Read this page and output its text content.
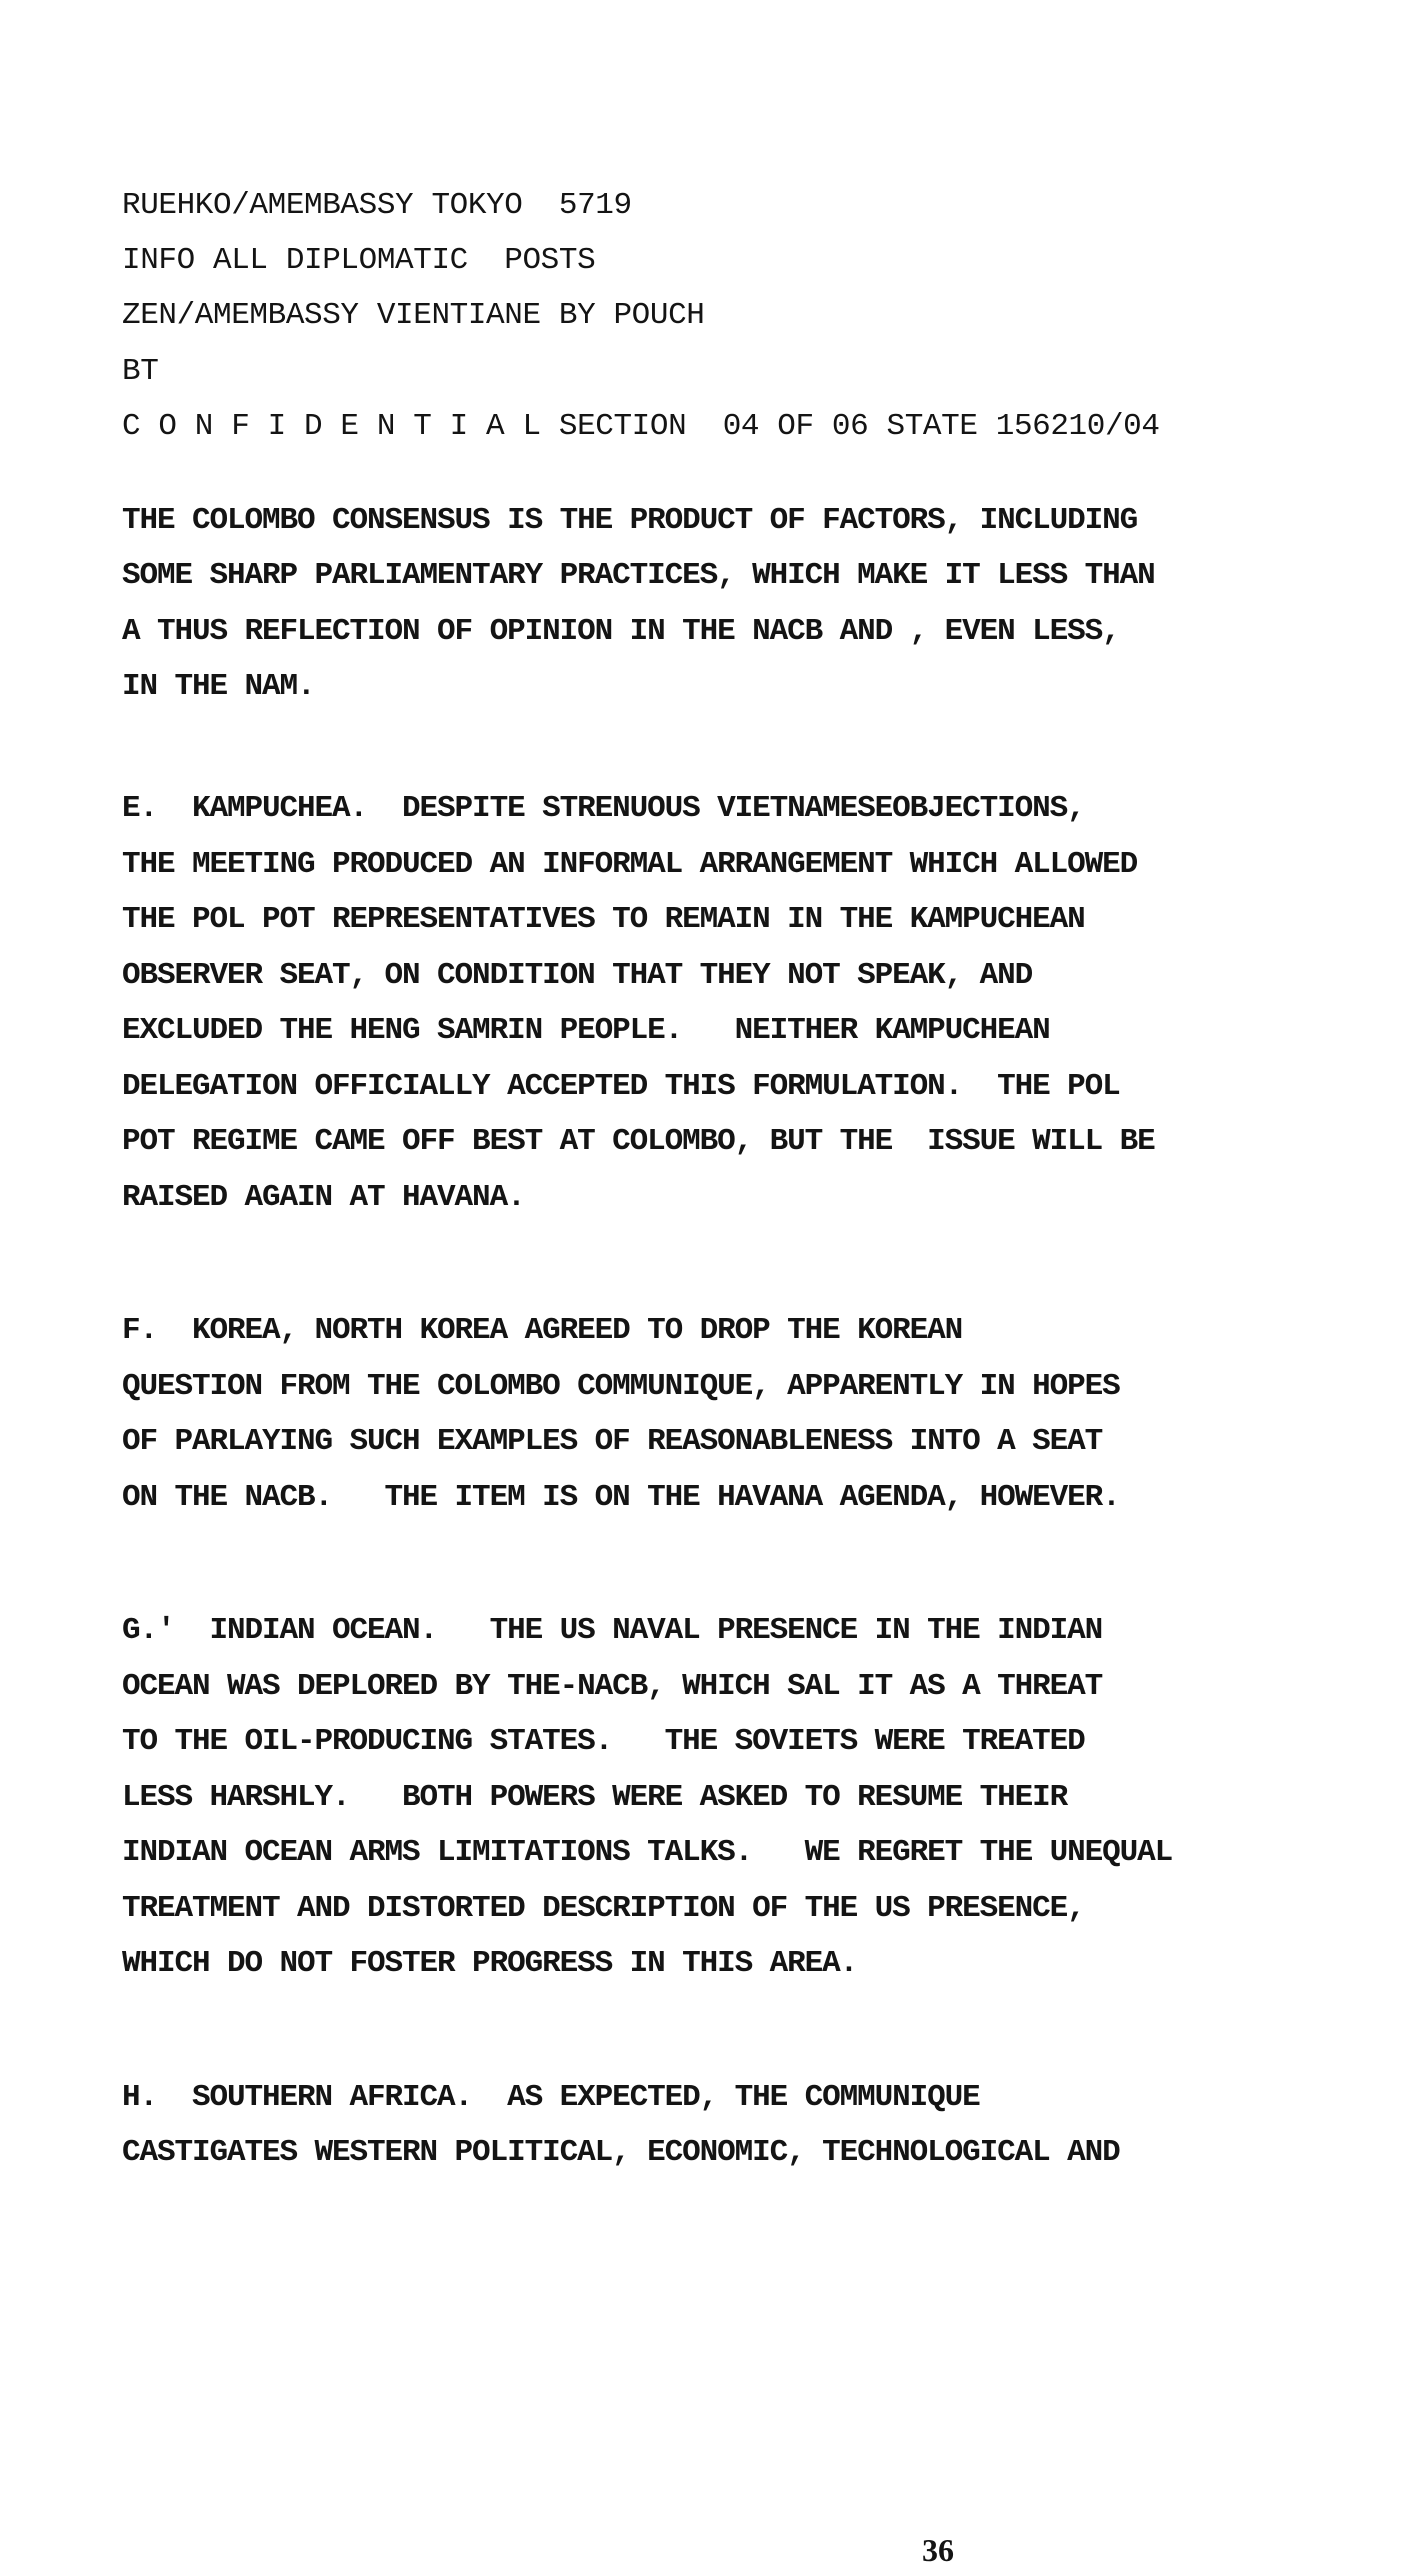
RUEHKO/AMEMBASSY TOKYO  5719
INFO ALL DIPLOMATIC  POSTS
ZEN/AMEMBASSY VIENTIANE BY POUCH
BT
C O N F I D E N T I A L SECTION  04 OF 06 STATE 156210/04
THE COLOMBO CONSENSUS IS THE PRODUCT OF FACTORS, INCLUDING
SOME SHARP PARLIAMENTARY PRACTICES, WHICH MAKE IT LESS THAN
A THUS REFLECTION OF OPINION IN THE NACB AND , EVEN LESS,
IN THE NAM.
E.  KAMPUCHEA.  DESPITE STRENUOUS VIETNAMESEOBJECTIONS,
THE MEETING PRODUCED AN INFORMAL ARRANGEMENT WHICH ALLOWED
THE POL POT REPRESENTATIVES TO REMAIN IN THE KAMPUCHEAN
OBSERVER SEAT, ON CONDITION THAT THEY NOT SPEAK, AND
EXCLUDED THE HENG SAMRIN PEOPLE.   NEITHER KAMPUCHEAN
DELEGATION OFFICIALLY ACCEPTED THIS FORMULATION.  THE POL
POT REGIME CAME OFF BEST AT COLOMBO, BUT THE  ISSUE WILL BE
RAISED AGAIN AT HAVANA.
F.  KOREA, NORTH KOREA AGREED TO DROP THE KOREAN
QUESTION FROM THE COLOMBO COMMUNIQUE, APPARENTLY IN HOPES
OF PARLAYING SUCH EXAMPLES OF REASONABLENESS INTO A SEAT
ON THE NACB.   THE ITEM IS ON THE HAVANA AGENDA, HOWEVER.
G.'  INDIAN OCEAN.   THE US NAVAL PRESENCE IN THE INDIAN
OCEAN WAS DEPLORED BY THE-NACB, WHICH SAL IT AS A THREAT
TO THE OIL-PRODUCING STATES.   THE SOVIETS WERE TREATED
LESS HARSHLY.   BOTH POWERS WERE ASKED TO RESUME THEIR
INDIAN OCEAN ARMS LIMITATIONS TALKS.   WE REGRET THE UNEQUAL
TREATMENT AND DISTORTED DESCRIPTION OF THE US PRESENCE,
WHICH DO NOT FOSTER PROGRESS IN THIS AREA.
H.  SOUTHERN AFRICA.  AS EXPECTED, THE COMMUNIQUE
CASTIGATES WESTERN POLITICAL, ECONOMIC, TECHNOLOGICAL AND
36
